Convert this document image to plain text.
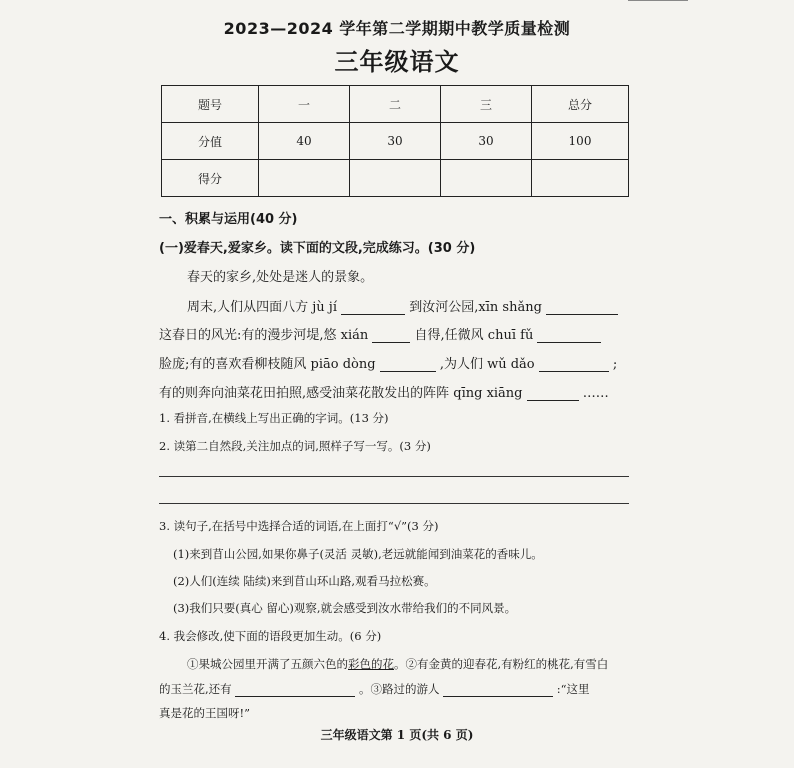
2023—2024 学年第二学期期中教学质量检测
三年级语文
题号	一	二	三	总分
分值	40	30	30	100
得分				
一、积累与运用(40 分)
(一)爱春天,爱家乡。读下面的文段,完成练习。(30 分)
春天的家乡,处处是迷人的景象。
周末,人们从四面八方 jù jí	到汝河公园,xīn shǎng
这春日的风光:有的漫步河堤,悠 xián	自得,任微风 chuī fǔ
脸庞;有的喜欢看柳枝随风 piāo dòng	,为人们 wǔ dǎo	;
有的则奔向油菜花田拍照,感受油菜花散发出的阵阵 qīng xiāng	……
1. 看拼音,在横线上写出正确的字词。(13 分)
2. 读第二自然段,关注加点的词,照样子写一写。(3 分)
3. 读句子,在括号中选择合适的词语,在上面打“√”(3 分)
(1)来到苜山公园,如果你鼻子(灵活 灵敏),老远就能闻到油菜花的香味儿。
(2)人们(连续 陆续)来到苜山环山路,观看马拉松赛。
(3)我们只要(真心 留心)观察,就会感受到汝水带给我们的不同风景。
4. 我会修改,使下面的语段更加生动。(6 分)
①果城公园里开满了五颜六色的彩色的花。②有金黄的迎春花,有粉红的桃花,有雪白
的玉兰花,还有	。③路过的游人	:“这里
真是花的王国呀!”
三年级语文第 1 页(共 6 页)
